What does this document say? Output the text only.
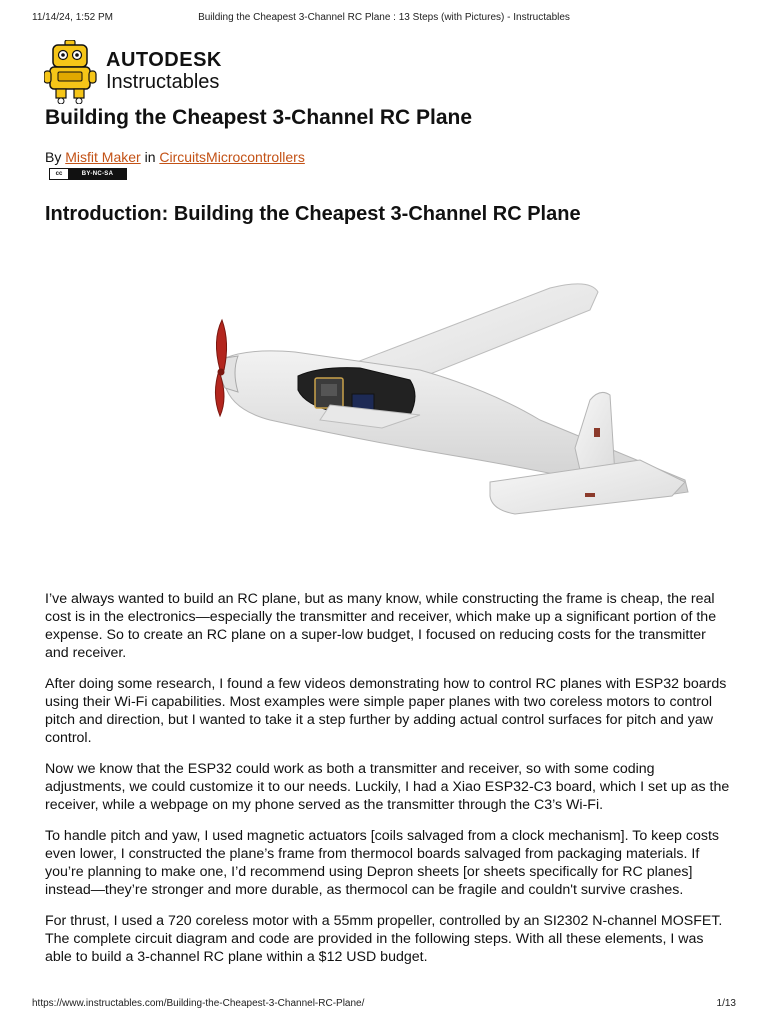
11/14/24, 1:52 PM	Building the Cheapest 3-Channel RC Plane : 13 Steps (with Pictures) - Instructables
AUTODESK
Instructables
Building the Cheapest 3-Channel RC Plane
By Misfit Maker in CircuitsMicrocontrollers
cc	BY-NC-SA
Introduction: Building the Cheapest 3-Channel RC Plane

I’ve always wanted to build an RC plane, but as many know, while constructing the frame is cheap, the real cost is in the electronics—especially the transmitter and receiver, which make up a significant portion of the expense. So to create an RC plane on a super-low budget, I focused on reducing costs for the transmitter and receiver.

After doing some research, I found a few videos demonstrating how to control RC planes with ESP32 boards using their Wi-Fi capabilities. Most examples were simple paper planes with two coreless motors to control pitch and direction, but I wanted to take it a step further by adding actual control surfaces for pitch and yaw control.

Now we know that the ESP32 could work as both a transmitter and receiver, so with some coding adjustments, we could customize it to our needs. Luckily, I had a Xiao ESP32-C3 board, which I set up as the receiver, while a webpage on my phone served as the transmitter through the C3’s Wi-Fi.

To handle pitch and yaw, I used magnetic actuators [coils salvaged from a clock mechanism]. To keep costs even lower, I constructed the plane’s frame from thermocol boards salvaged from packaging materials. If you’re planning to make one, I’d recommend using Depron sheets [or sheets specifically for RC planes] instead—they’re stronger and more durable, as thermocol can be fragile and couldn't survive crashes.

For thrust, I used a 720 coreless motor with a 55mm propeller, controlled by an SI2302 N-channel MOSFET. The complete circuit diagram and code are provided in the following steps. With all these elements, I was able to build a 3-channel RC plane within a $12 USD budget.

https://www.instructables.com/Building-the-Cheapest-3-Channel-RC-Plane/	1/13
